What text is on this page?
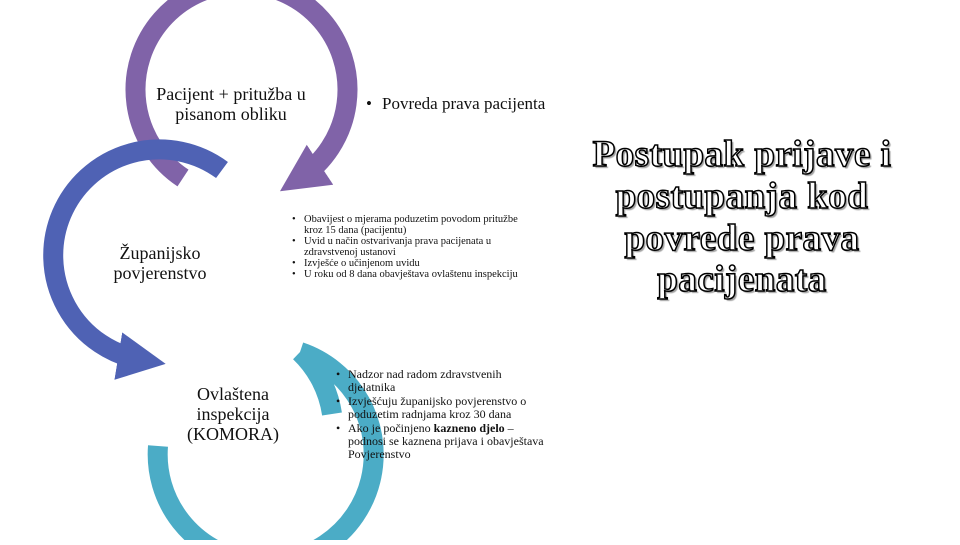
Pacijent + pritužba u pisanom obliku
Županijsko povjerenstvo
Ovlaštena inspekcija (KOMORA)
• Povreda prava pacijenta
• Obavijest o mjerama poduzetim povodom pritužbe kroz 15 dana (pacijentu)
• Uvid u način ostvarivanja prava pacijenata u zdravstvenoj ustanovi
• Izvješće o učinjenom uvidu
• U roku od 8 dana obavještava ovlaštenu inspekciju
• Nadzor nad radom zdravstvenih djelatnika
• Izvješćuju županijsko povjerenstvo o poduzetim radnjama kroz 30 dana
• Ako je počinjeno kazneno djelo – podnosi se kaznena prijava i obavještava Povjerenstvo
Postupak prijave i postupanja kod povrede prava pacijenata
